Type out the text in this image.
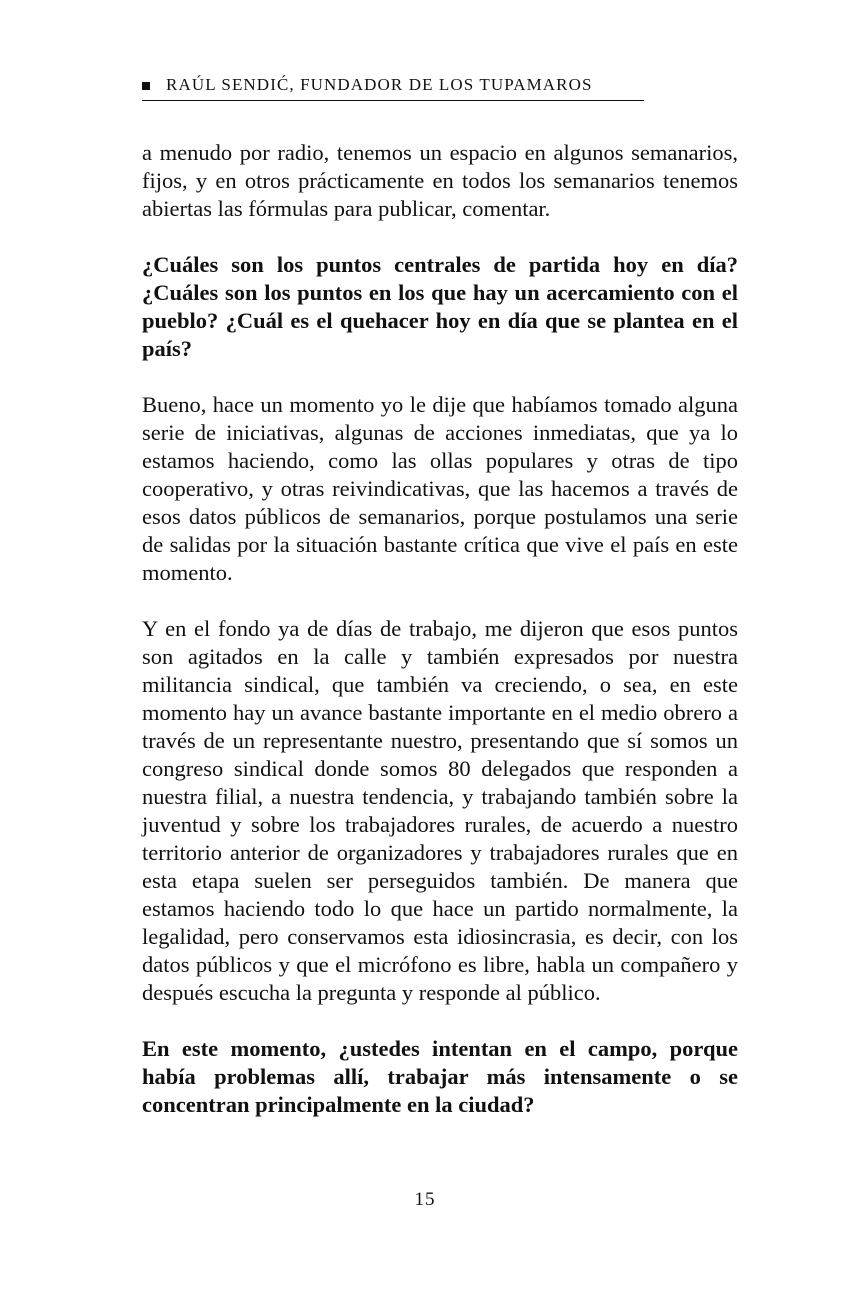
RAÚL SENDIĆ, FUNDADOR DE LOS TUPAMAROS

a menudo por radio, tenemos un espacio en algunos semanarios, fijos, y en otros prácticamente en todos los semanarios tenemos abiertas las fórmulas para publicar, comentar.

¿Cuáles son los puntos centrales de partida hoy en día? ¿Cuáles son los puntos en los que hay un acercamiento con el pueblo? ¿Cuál es el quehacer hoy en día que se plantea en el país?

Bueno, hace un momento yo le dije que habíamos tomado alguna serie de iniciativas, algunas de acciones inmediatas, que ya lo estamos haciendo, como las ollas populares y otras de tipo cooperativo, y otras reivindicativas, que las hacemos a través de esos datos públicos de semanarios, porque postulamos una serie de salidas por la situación bastante crítica que vive el país en este momento.

Y en el fondo ya de días de trabajo, me dijeron que esos puntos son agitados en la calle y también expresados por nuestra militancia sindical, que también va creciendo, o sea, en este momento hay un avance bastante importante en el medio obrero a través de un representante nuestro, presentando que sí somos un congreso sindical donde somos 80 delegados que responden a nuestra filial, a nuestra tendencia, y trabajando también sobre la juventud y sobre los trabajadores rurales, de acuerdo a nuestro territorio anterior de organizadores y trabajadores rurales que en esta etapa suelen ser perseguidos también. De manera que estamos haciendo todo lo que hace un partido normalmente, la legalidad, pero conservamos esta idiosincrasia, es decir, con los datos públicos y que el micrófono es libre, habla un compañero y después escucha la pregunta y responde al público.

En este momento, ¿ustedes intentan en el campo, porque había problemas allí, trabajar más intensamente o se concentran principalmente en la ciudad?

15
